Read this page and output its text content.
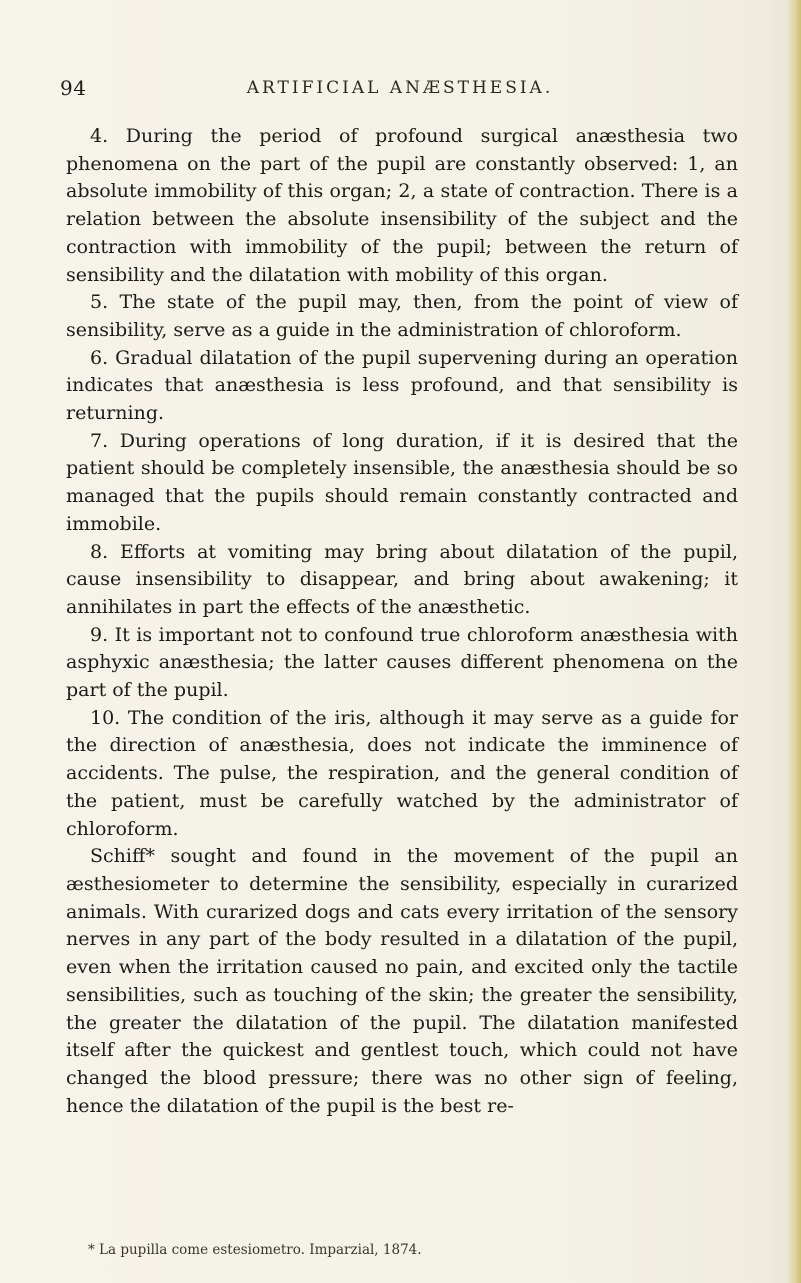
94	ARTIFICIAL ANÆSTHESIA.

4. During the period of profound surgical anæsthesia two phenomena on the part of the pupil are constantly observed: 1, an absolute immobility of this organ; 2, a state of contraction. There is a relation between the absolute insensibility of the subject and the contraction with immobility of the pupil; between the return of sensibility and the dilatation with mobility of this organ.

5. The state of the pupil may, then, from the point of view of sensibility, serve as a guide in the administration of chloroform.

6. Gradual dilatation of the pupil supervening during an operation indicates that anæsthesia is less profound, and that sensibility is returning.

7. During operations of long duration, if it is desired that the patient should be completely insensible, the anæsthesia should be so managed that the pupils should remain constantly contracted and immobile.

8. Efforts at vomiting may bring about dilatation of the pupil, cause insensibility to disappear, and bring about awakening; it annihilates in part the effects of the anæsthetic.

9. It is important not to confound true chloroform anæsthesia with asphyxic anæsthesia; the latter causes different phenomena on the part of the pupil.

10. The condition of the iris, although it may serve as a guide for the direction of anæsthesia, does not indicate the imminence of accidents. The pulse, the respiration, and the general condition of the patient, must be carefully watched by the administrator of chloroform.

Schiff* sought and found in the movement of the pupil an æsthesiometer to determine the sensibility, especially in curarized animals. With curarized dogs and cats every irritation of the sensory nerves in any part of the body resulted in a dilatation of the pupil, even when the irritation caused no pain, and excited only the tactile sensibilities, such as touching of the skin; the greater the sensibility, the greater the dilatation of the pupil. The dilatation manifested itself after the quickest and gentlest touch, which could not have changed the blood pressure; there was no other sign of feeling, hence the dilatation of the pupil is the best re-

* La pupilla come estesiometro. Imparzial, 1874.
